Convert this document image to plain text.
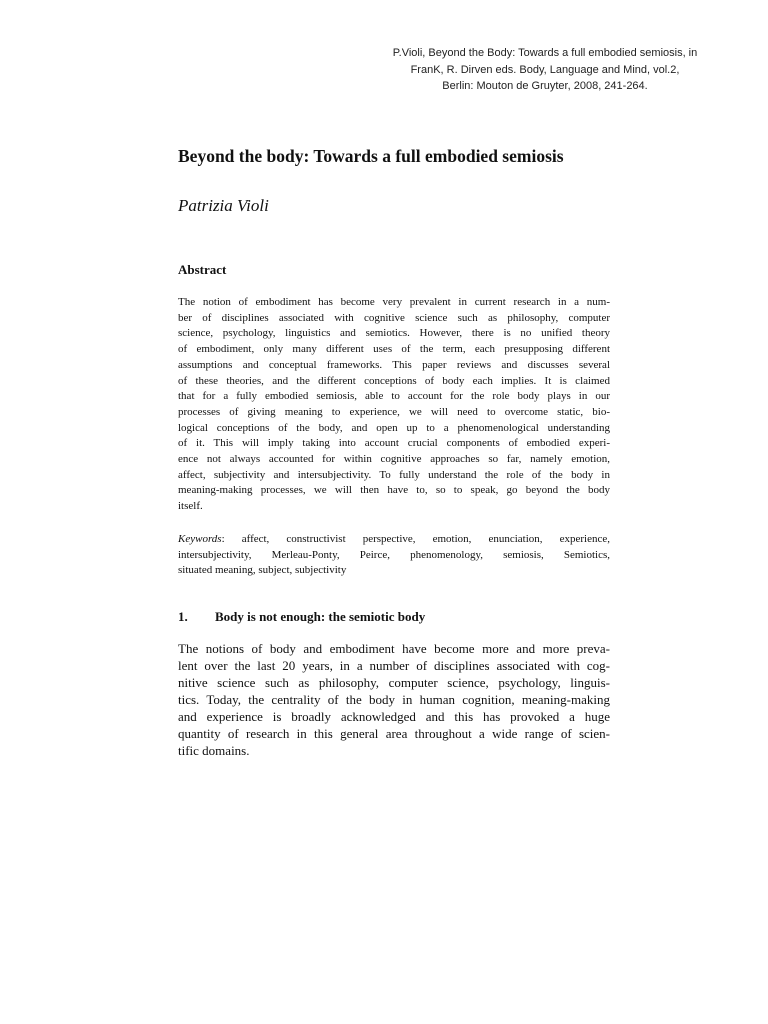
P.Violi, Beyond the Body: Towards a full embodied semiosis, in
FranK, R. Dirven eds. Body, Language and Mind, vol.2,
Berlin: Mouton de Gruyter, 2008, 241-264.
Beyond the body: Towards a full embodied semiosis
Patrizia Violi
Abstract
The notion of embodiment has become very prevalent in current research in a num-
ber of disciplines associated with cognitive science such as philosophy, computer
science, psychology, linguistics and semiotics. However, there is no unified theory
of embodiment, only many different uses of the term, each presupposing different
assumptions and conceptual frameworks. This paper reviews and discusses several
of these theories, and the different conceptions of body each implies. It is claimed
that for a fully embodied semiosis, able to account for the role body plays in our
processes of giving meaning to experience, we will need to overcome static, bio-
logical conceptions of the body, and open up to a phenomenological understanding
of it. This will imply taking into account crucial components of embodied experi-
ence not always accounted for within cognitive approaches so far, namely emotion,
affect, subjectivity and intersubjectivity. To fully understand the role of the body in
meaning-making processes, we will then have to, so to speak, go beyond the body
itself.
Keywords: affect, constructivist perspective, emotion, enunciation, experience,
intersubjectivity, Merleau-Ponty, Peirce, phenomenology, semiosis, Semiotics,
situated meaning, subject, subjectivity
1. Body is not enough: the semiotic body
The notions of body and embodiment have become more and more preva-
lent over the last 20 years, in a number of disciplines associated with cog-
nitive science such as philosophy, computer science, psychology, linguis-
tics. Today, the centrality of the body in human cognition, meaning-making
and experience is broadly acknowledged and this has provoked a huge
quantity of research in this general area throughout a wide range of scien-
tific domains.
